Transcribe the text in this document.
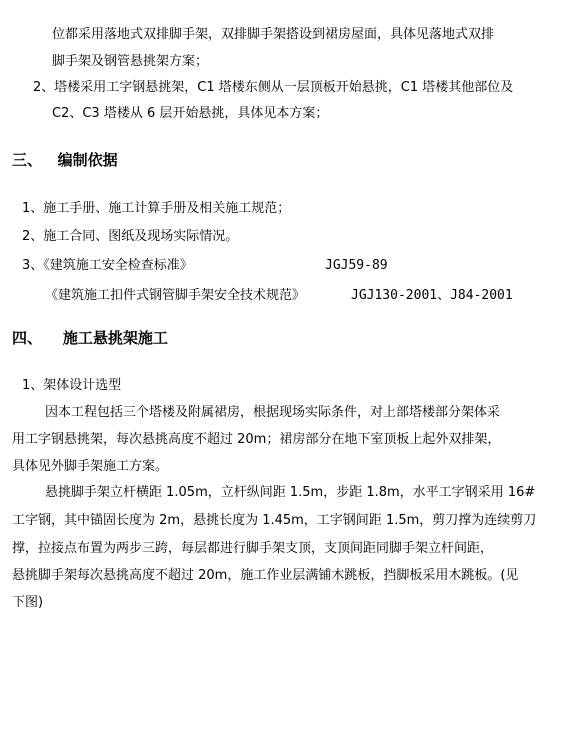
位都采用落地式双排脚手架，双排脚手架搭设到裙房屋面，具体见落地式双排
脚手架及钢管悬挑架方案；
2、塔楼采用工字钢悬挑架，C1 塔楼东侧从一层顶板开始悬挑，C1 塔楼其他部位及
C2、C3 塔楼从 6 层开始悬挑，具体见本方案；
三、   编制依据
1、施工手册、施工计算手册及相关施工规范；
2、施工合同、图纸及现场实际情况。
3、《建筑施工安全检查标准》	JGJ59-89
《建筑施工扣件式钢管脚手架安全技术规范》	JGJ130-2001、J84-2001
四、    施工悬挑架施工
1、架体设计选型
因本工程包括三个塔楼及附属裙房，根据现场实际条件，对上部塔楼部分架体采
用工字钢悬挑架，每次悬挑高度不超过 20m；裙房部分在地下室顶板上起外双排架，
具体见外脚手架施工方案。
悬挑脚手架立杆横距 1.05m，立杆纵间距 1.5m，步距 1.8m，水平工字钢采用 16#
工字钢，其中锚固长度为 2m，悬挑长度为 1.45m，工字钢间距 1.5m，剪刀撑为连续剪刀
撑，拉接点布置为两步三跨，每层都进行脚手架支顶，支顶间距同脚手架立杆间距，
悬挑脚手架每次悬挑高度不超过 20m，施工作业层满铺木跳板，挡脚板采用木跳板。(见
下图)
